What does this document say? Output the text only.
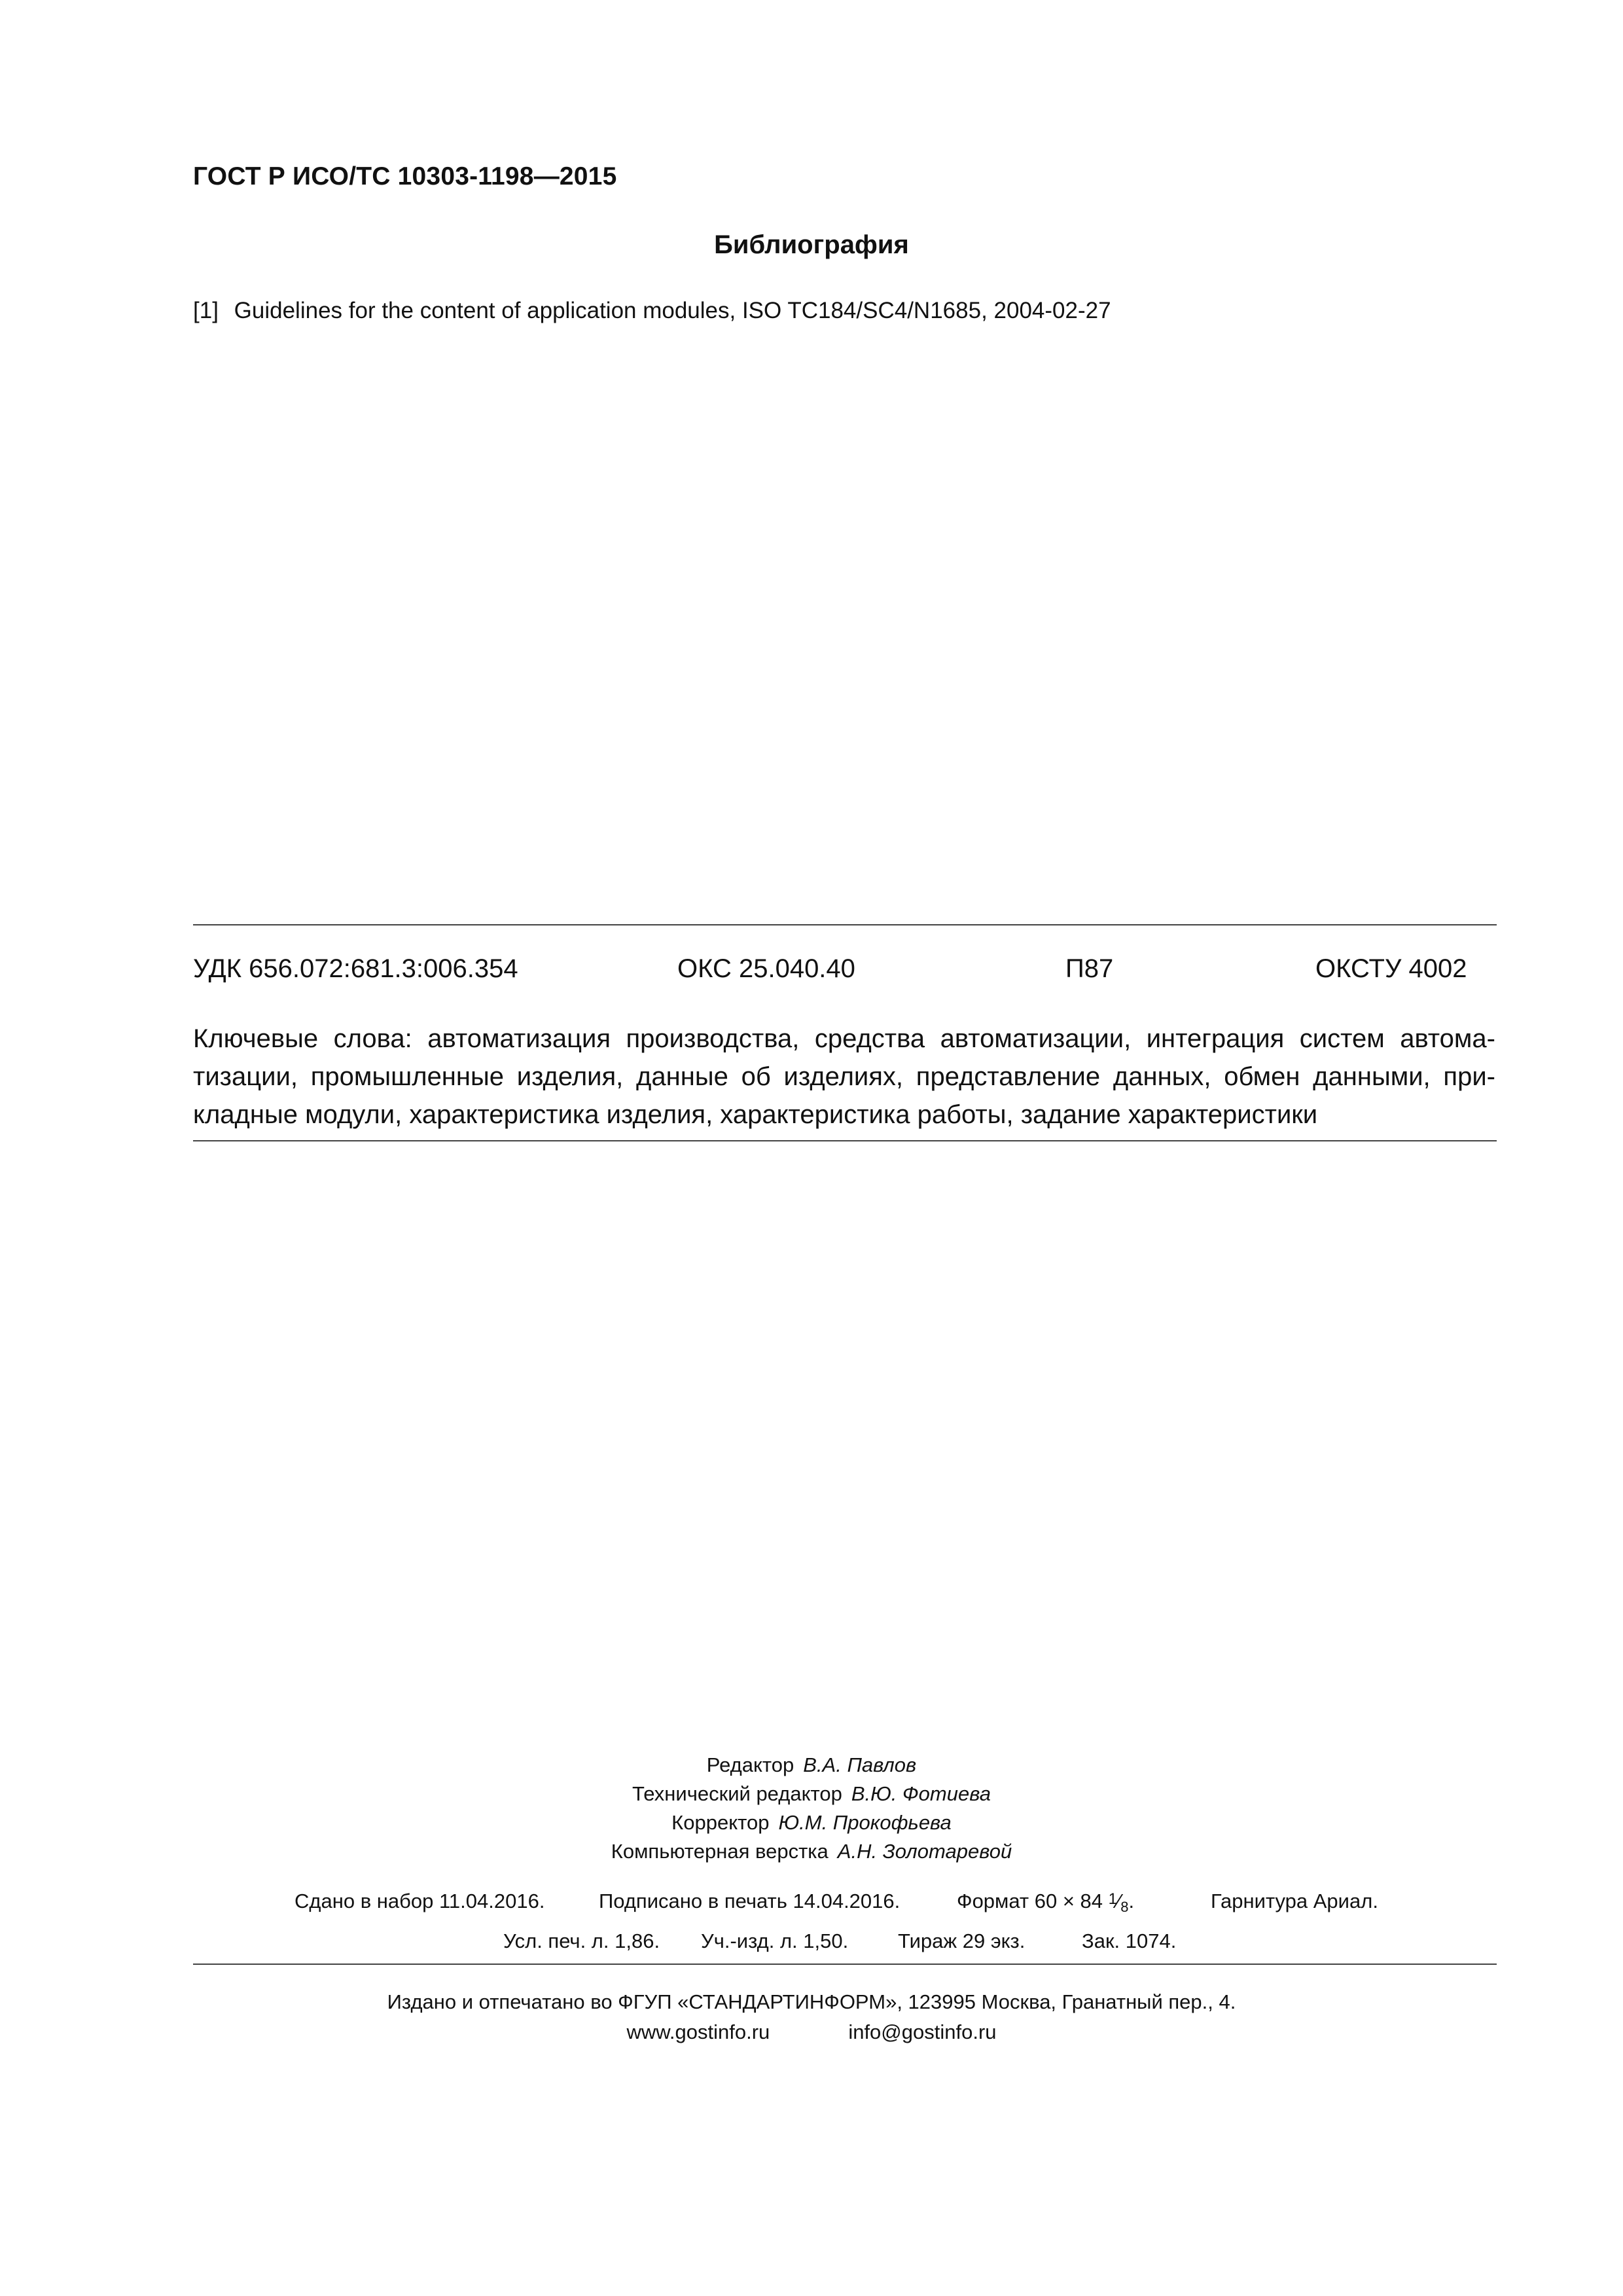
ГОСТ Р ИСО/ТС 10303-1198—2015
Библиография
[1] Guidelines for the content of application modules, ISO TC184/SC4/N1685, 2004-02-27
УДК 656.072:681.3:006.354	ОКС 25.040.40	П87	ОКСТУ 4002
Ключевые слова: автоматизация производства, средства автоматизации, интеграция систем автома-
тизации, промышленные изделия, данные об изделиях, представление данных, обмен данными, при-
кладные модули, характеристика изделия, характеристика работы, задание характеристики
Редактор В.А. Павлов
Технический редактор В.Ю. Фотиева
Корректор Ю.М. Прокофьева
Компьютерная верстка А.Н. Золотаревой
Сдано в набор 11.04.2016.	Подписано в печать 14.04.2016.	Формат 60 × 84 1⁄8.	Гарнитура Ариал.
Усл. печ. л. 1,86. Уч.-изд. л. 1,50. Тираж 29 экз.	Зак. 1074.
Издано и отпечатано во ФГУП «СТАНДАРТИНФОРМ», 123995 Москва, Гранатный пер., 4.
www.gostinfo.ru	info@gostinfo.ru
